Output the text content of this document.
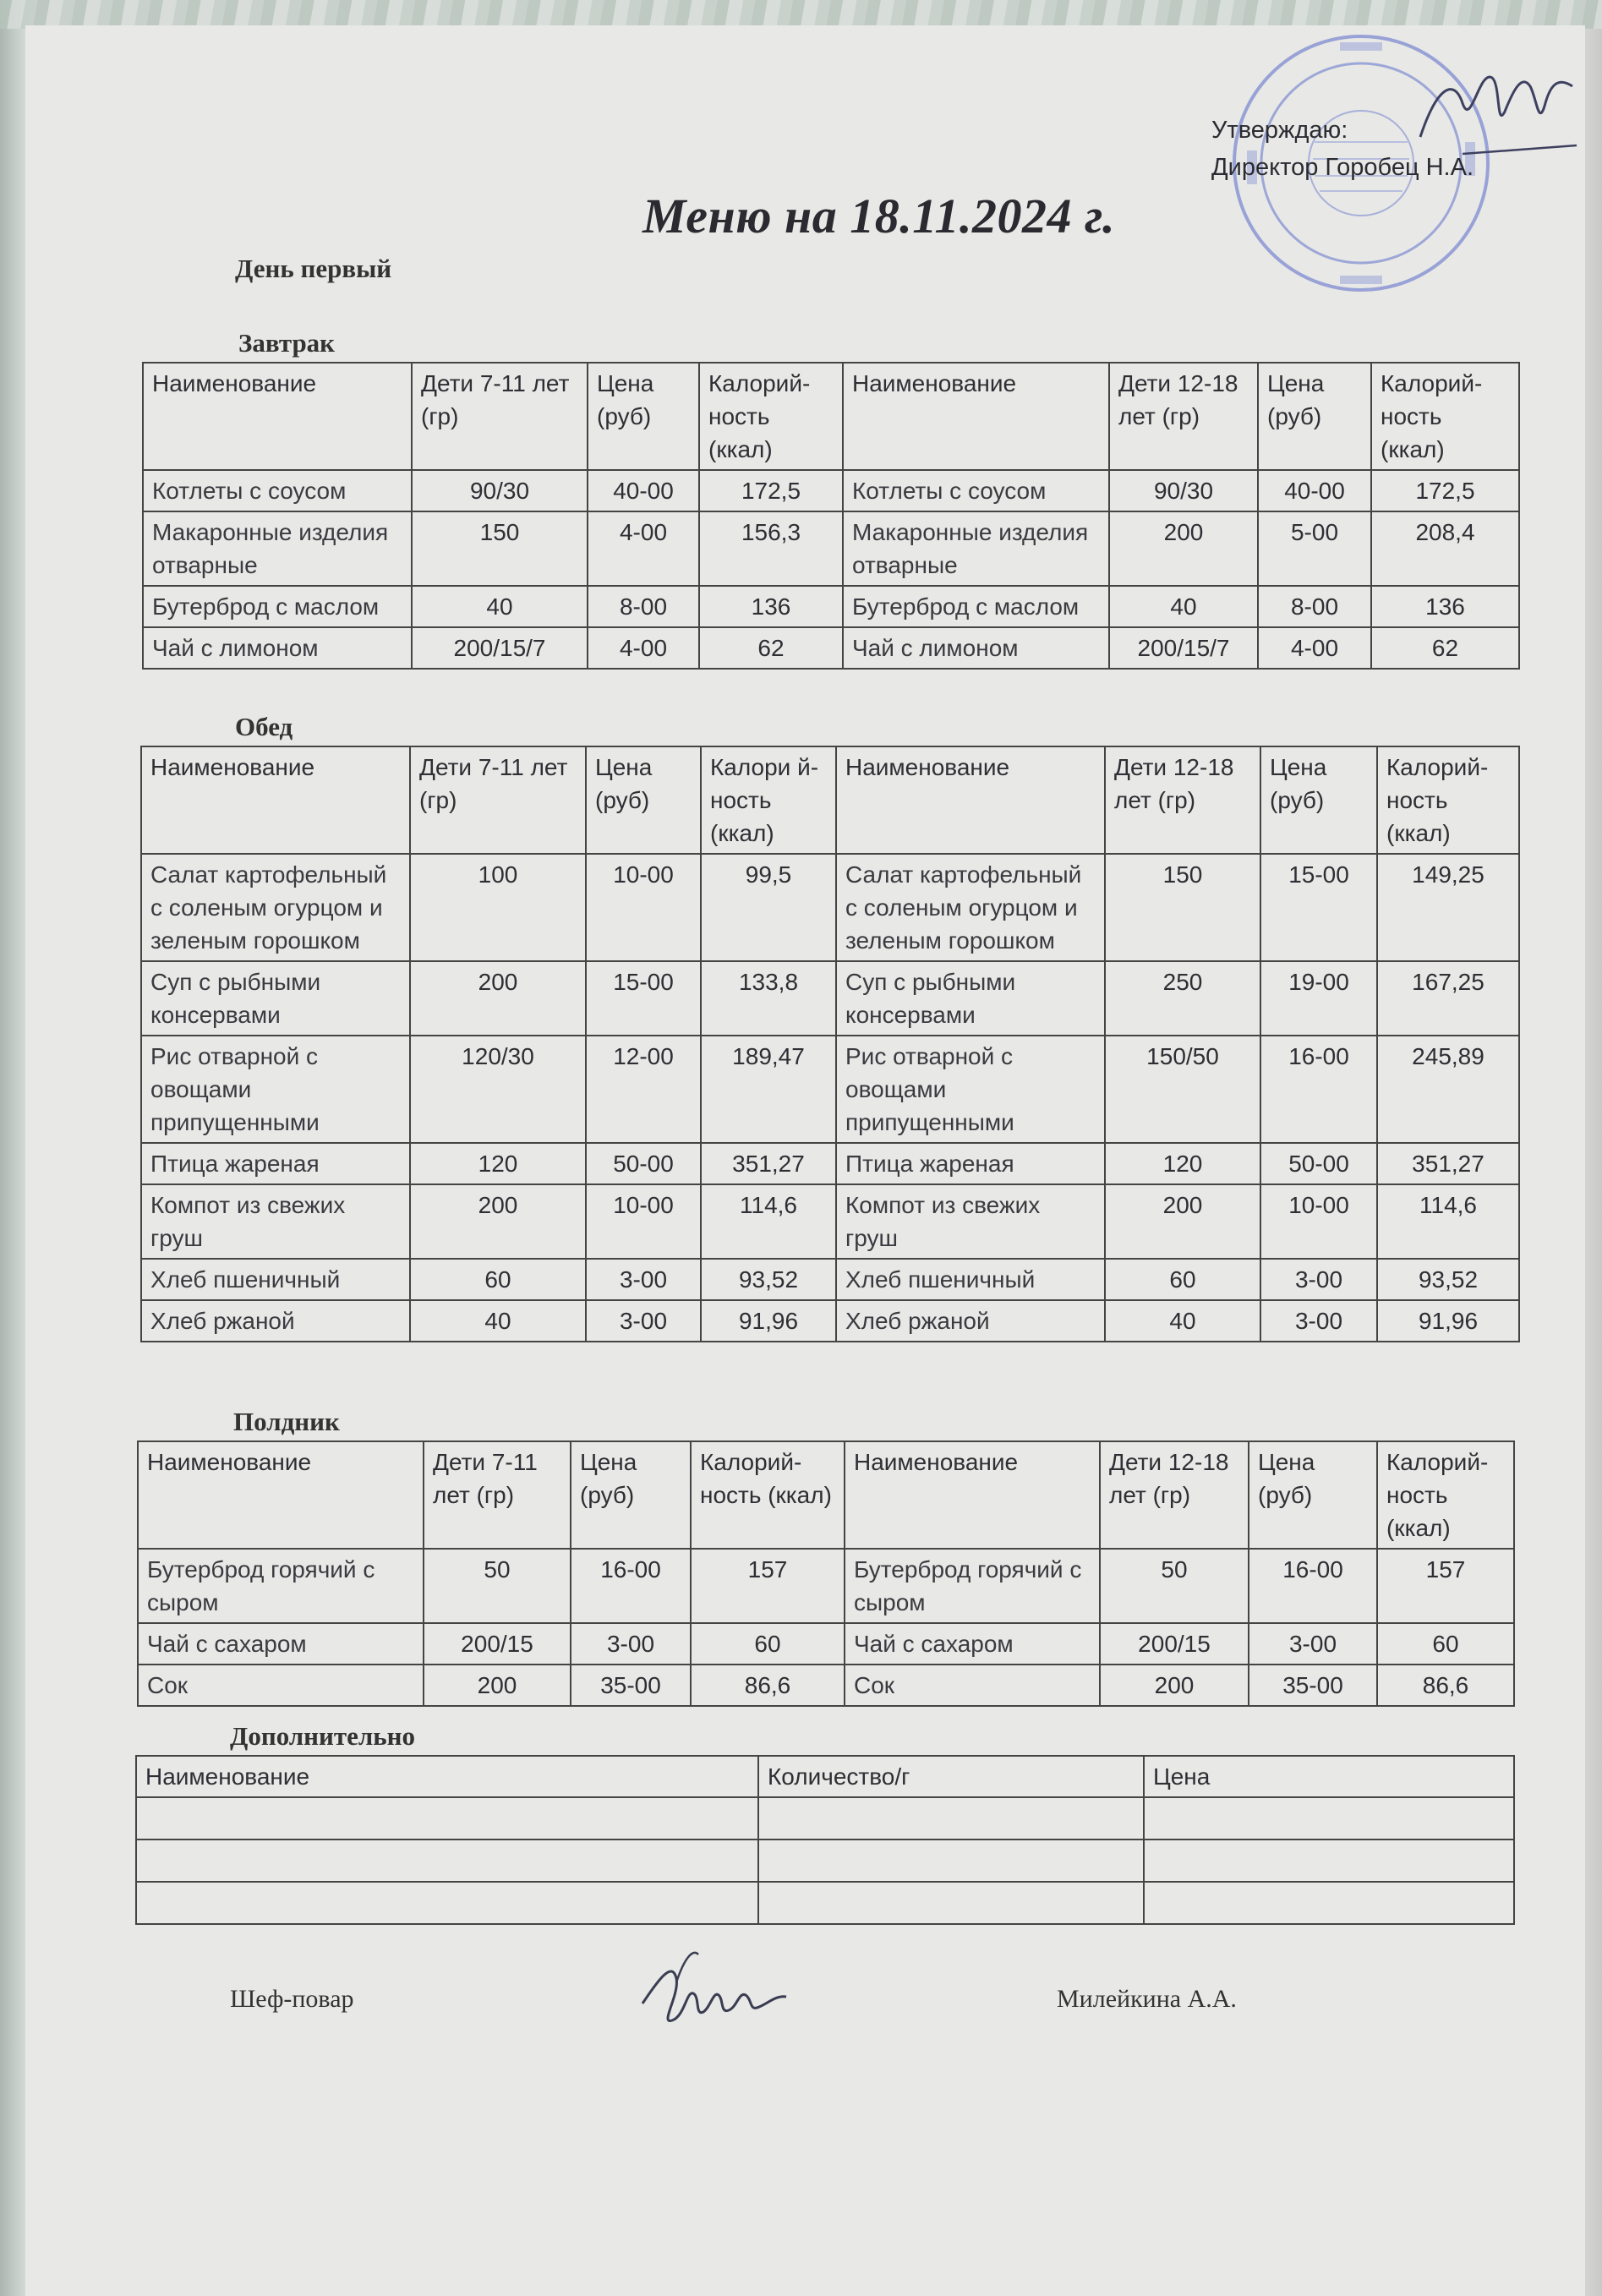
Утверждаю:
Директор Горобец Н.А.
Меню на 18.11.2024 г.
День первый
Завтрак
Наименование	Дети 7-11 лет (гр)	Цена (руб)	Калорий-ность (ккал)	Наименование	Дети 12-18 лет (гр)	Цена (руб)	Калорий-ность (ккал)
Котлеты с соусом	90/30	40-00	172,5	Котлеты с соусом	90/30	40-00	172,5
Макаронные изделия отварные	150	4-00	156,3	Макаронные изделия отварные	200	5-00	208,4
Бутерброд с маслом	40	8-00	136	Бутерброд с маслом	40	8-00	136
Чай с лимоном	200/15/7	4-00	62	Чай с лимоном	200/15/7	4-00	62
Обед
Наименование	Дети 7-11 лет (гр)	Цена (руб)	Калори й-ность (ккал)	Наименование	Дети 12-18 лет (гр)	Цена (руб)	Калорий-ность (ккал)
Салат картофельный с соленым огурцом и зеленым горошком	100	10-00	99,5	Салат картофельный с соленым огурцом и зеленым горошком	150	15-00	149,25
Суп с рыбными консервами	200	15-00	133,8	Суп с рыбными консервами	250	19-00	167,25
Рис отварной с овощами припущенными	120/30	12-00	189,47	Рис отварной с овощами припущенными	150/50	16-00	245,89
Птица жареная	120	50-00	351,27	Птица жареная	120	50-00	351,27
Компот из свежих груш	200	10-00	114,6	Компот из свежих груш	200	10-00	114,6
Хлеб пшеничный	60	3-00	93,52	Хлеб пшеничный	60	3-00	93,52
Хлеб ржаной	40	3-00	91,96	Хлеб ржаной	40	3-00	91,96
Полдник
Наименование	Дети 7-11 лет (гр)	Цена (руб)	Калорий-ность (ккал)	Наименование	Дети 12-18 лет (гр)	Цена (руб)	Калорий-ность (ккал)
Бутерброд горячий с сыром	50	16-00	157	Бутерброд горячий с сыром	50	16-00	157
Чай с сахаром	200/15	3-00	60	Чай с сахаром	200/15	3-00	60
Сок	200	35-00	86,6	Сок	200	35-00	86,6
Дополнительно
Наименование	Количество/г	Цена

Шеф-повар	Милейкина А.А.
